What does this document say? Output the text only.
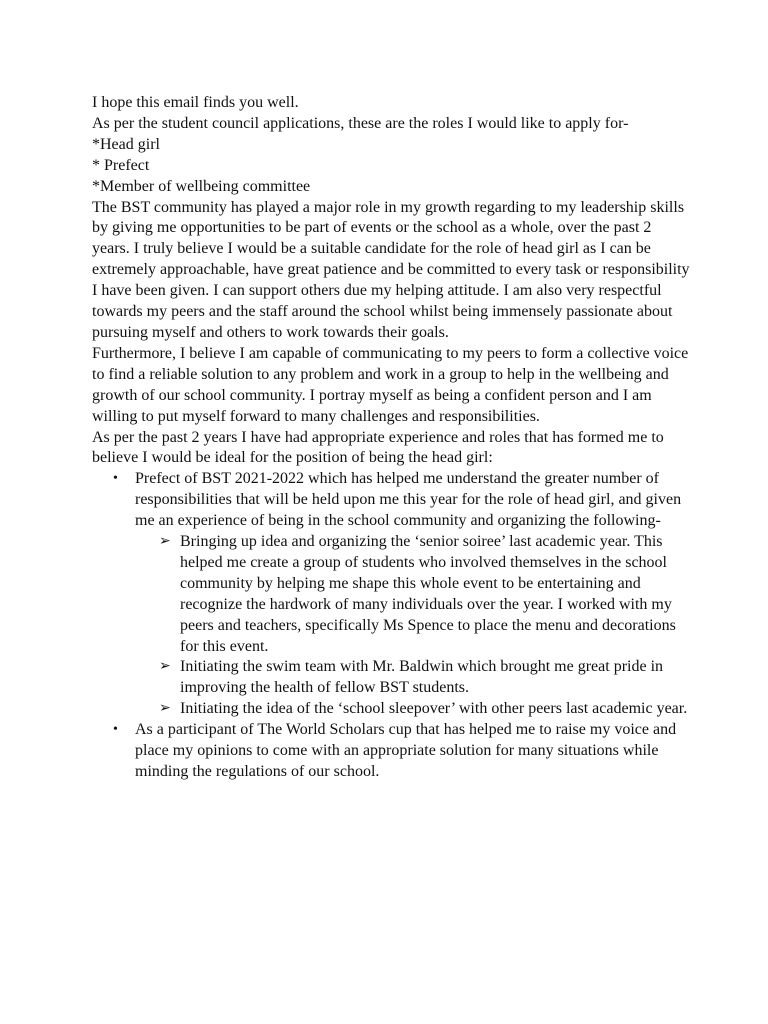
I hope this email finds you well.

As per the student council applications, these are the roles I would like to apply for-

*Head girl

* Prefect

*Member of wellbeing committee

The BST community has played a major role in my growth regarding to my leadership skills by giving me opportunities to be part of events or the school as a whole, over the past 2 years. I truly believe I would be a suitable candidate for the role of head girl as I can be extremely approachable, have great patience and be committed to every task or responsibility I have been given. I can support others due my helping attitude. I am also very respectful towards my peers and the staff around the school whilst being immensely passionate about pursuing myself and others to work towards their goals.

Furthermore, I believe I am capable of communicating to my peers to form a collective voice to find a reliable solution to any problem and work in a group to help in the wellbeing and growth of our school community. I portray myself as being a confident person and I am willing to put myself forward to many challenges and responsibilities.

As per the past 2 years I have had appropriate experience and roles that has formed me to believe I would be ideal for the position of being the head girl:

• Prefect of BST 2021-2022 which has helped me understand the greater number of responsibilities that will be held upon me this year for the role of head girl, and given me an experience of being in the school community and organizing the following-
➢ Bringing up idea and organizing the ‘senior soiree’ last academic year. This helped me create a group of students who involved themselves in the school community by helping me shape this whole event to be entertaining and recognize the hardwork of many individuals over the year. I worked with my peers and teachers, specifically Ms Spence to place the menu and decorations for this event.
➢ Initiating the swim team with Mr. Baldwin which brought me great pride in improving the health of fellow BST students.
➢ Initiating the idea of the ‘school sleepover’ with other peers last academic year.
• As a participant of The World Scholars cup that has helped me to raise my voice and place my opinions to come with an appropriate solution for many situations while minding the regulations of our school.
